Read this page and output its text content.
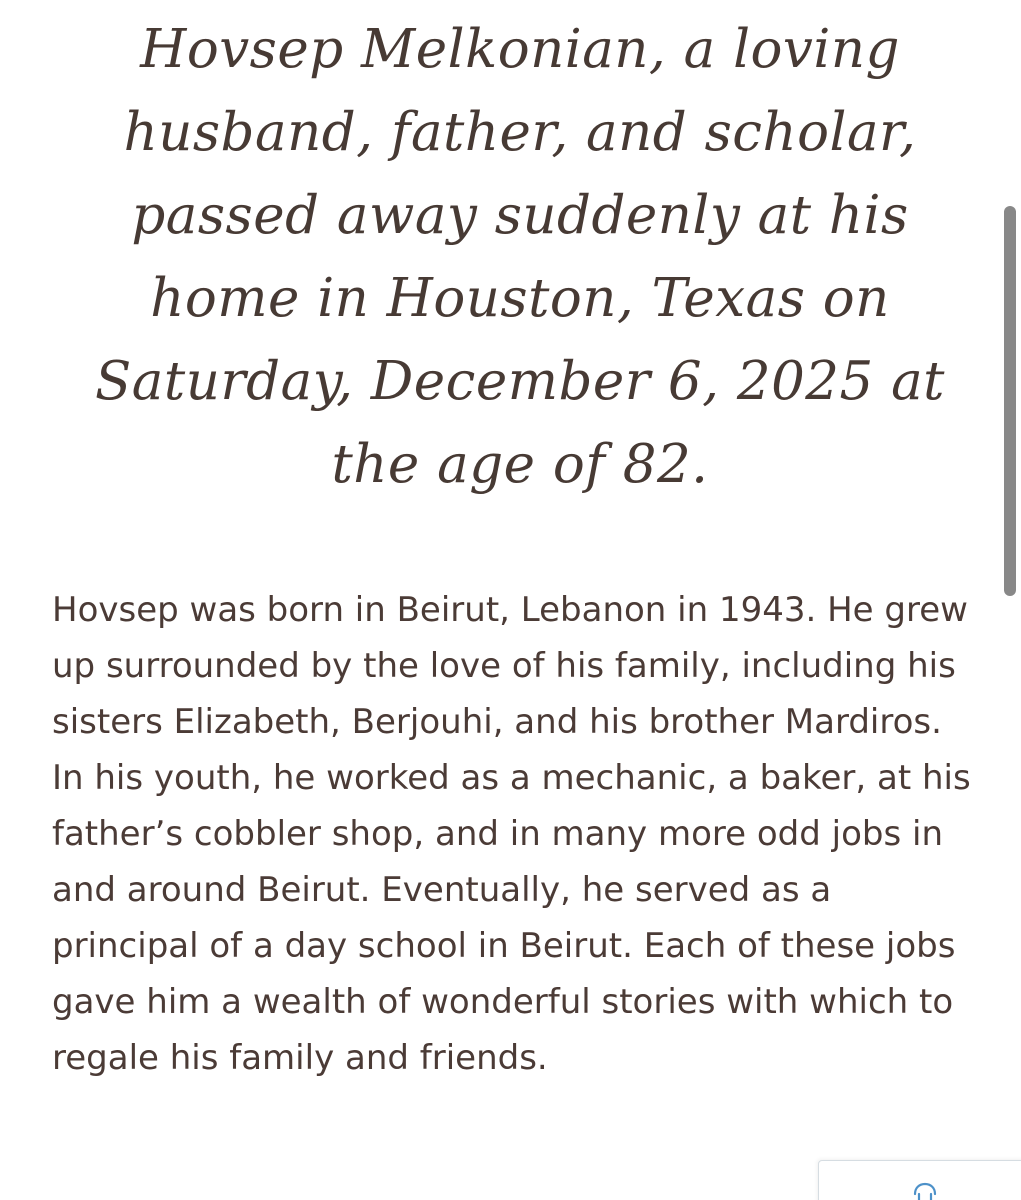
Hovsep Melkonian, a loving husband, father, and scholar, passed away suddenly at his home in Houston, Texas on Saturday, December 6, 2025 at the age of 82.

Hovsep was born in Beirut, Lebanon in 1943. He grew up surrounded by the love of his family, including his sisters Elizabeth, Berjouhi, and his brother Mardiros. In his youth, he worked as a mechanic, a baker, at his father’s cobbler shop, and in many more odd jobs in and around Beirut. Eventually, he served as a principal of a day school in Beirut. Each of these jobs gave him a wealth of wonderful stories with which to regale his family and friends.
